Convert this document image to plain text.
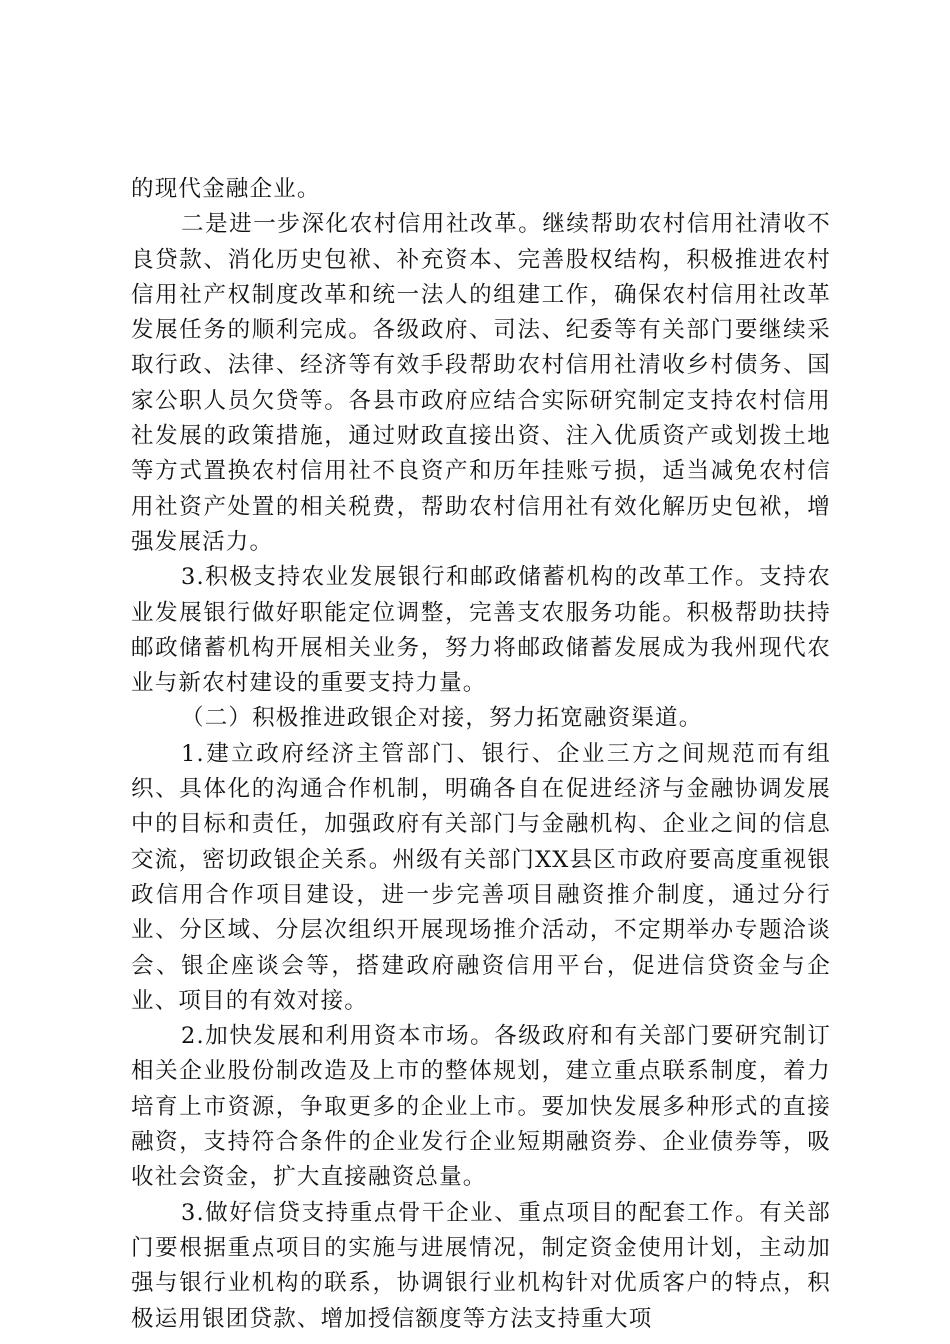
的现代金融企业。

二是进一步深化农村信用社改革。继续帮助农村信用社清收不良贷款、消化历史包袱、补充资本、完善股权结构，积极推进农村信用社产权制度改革和统一法人的组建工作，确保农村信用社改革发展任务的顺利完成。各级政府、司法、纪委等有关部门要继续采取行政、法律、经济等有效手段帮助农村信用社清收乡村债务、国家公职人员欠贷等。各县市政府应结合实际研究制定支持农村信用社发展的政策措施，通过财政直接出资、注入优质资产或划拨土地等方式置换农村信用社不良资产和历年挂账亏损，适当减免农村信用社资产处置的相关税费，帮助农村信用社有效化解历史包袱，增强发展活力。

3.积极支持农业发展银行和邮政储蓄机构的改革工作。支持农业发展银行做好职能定位调整，完善支农服务功能。积极帮助扶持邮政储蓄机构开展相关业务，努力将邮政储蓄发展成为我州现代农业与新农村建设的重要支持力量。

（二）积极推进政银企对接，努力拓宽融资渠道。

1.建立政府经济主管部门、银行、企业三方之间规范而有组织、具体化的沟通合作机制，明确各自在促进经济与金融协调发展中的目标和责任，加强政府有关部门与金融机构、企业之间的信息交流，密切政银企关系。州级有关部门XX县区市政府要高度重视银政信用合作项目建设，进一步完善项目融资推介制度，通过分行业、分区域、分层次组织开展现场推介活动，不定期举办专题洽谈会、银企座谈会等，搭建政府融资信用平台，促进信贷资金与企业、项目的有效对接。

2.加快发展和利用资本市场。各级政府和有关部门要研究制订相关企业股份制改造及上市的整体规划，建立重点联系制度，着力培育上市资源，争取更多的企业上市。要加快发展多种形式的直接融资，支持符合条件的企业发行企业短期融资券、企业债券等，吸收社会资金，扩大直接融资总量。

3.做好信贷支持重点骨干企业、重点项目的配套工作。有关部门要根据重点项目的实施与进展情况，制定资金使用计划，主动加强与银行业机构的联系，协调银行业机构针对优质客户的特点，积极运用银团贷款、增加授信额度等方法支持重大项
